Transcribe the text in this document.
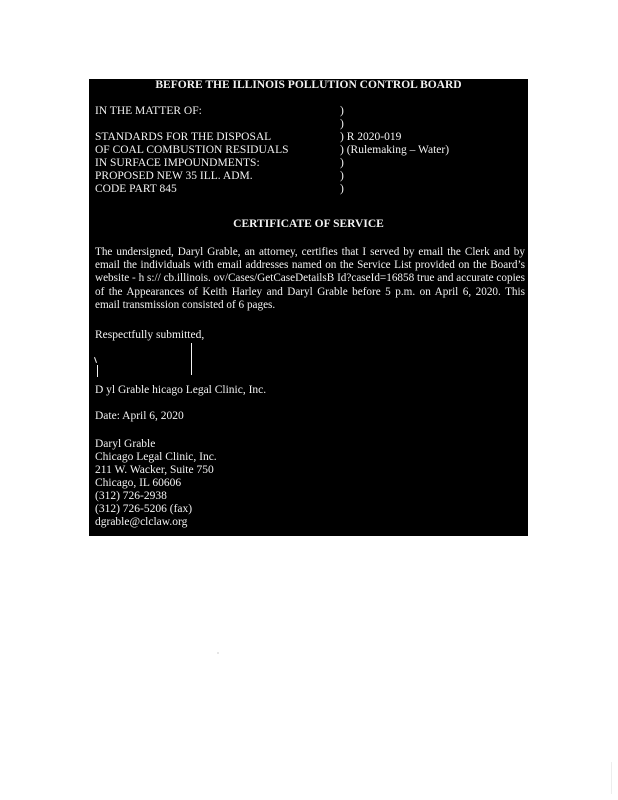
BEFORE THE ILLINOIS POLLUTION CONTROL BOARD
IN THE MATTER OF:
STANDARDS FOR THE DISPOSAL
OF COAL COMBUSTION RESIDUALS
IN SURFACE IMPOUNDMENTS:
PROPOSED NEW 35 ILL. ADM.
CODE PART 845
)
)
) R 2020-019
) (Rulemaking – Water)
)
)
)
CERTIFICATE OF SERVICE
The undersigned, Daryl Grable, an attorney, certifies that I served by email the Clerk and by email the individuals with email addresses named on the Service List provided on the Board’s website - h s:// cb.illinois. ov/Cases/GetCaseDetailsB Id?caseId=16858 true and accurate copies of the Appearances of Keith Harley and Daryl Grable before 5 p.m. on April 6, 2020. This email transmission consisted of 6 pages.
Respectfully submitted,
D yl Grable hicago Legal Clinic, Inc.
Date: April 6, 2020
Daryl Grable
Chicago Legal Clinic, Inc.
211 W. Wacker, Suite 750
Chicago, IL 60606
(312) 726-2938
(312) 726-5206 (fax)
dgrable@clclaw.org
